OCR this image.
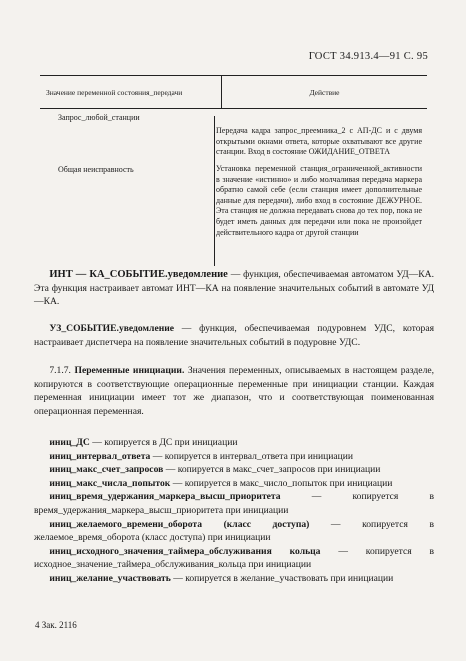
ГОСТ 34.913.4—91 С. 95
Значение переменной состояния_передачи	Действие
Запрос_любой_станции
Передача кадра запрос_преемника_2 с АП-ДС и с двумя открытыми окнами ответа, которые охватывают все другие станции. Вход в состояние ОЖИДАНИЕ_ОТВЕТА
Общая неисправность	Установка переменной станция_ограниченной_активности в значение «истинно» и либо молчаливая передача маркера обратно самой себе (если станция имеет дополнительные данные для передачи), либо вход в состояние ДЕЖУРНОЕ. Эта станция не должна передавать снова до тех пор, пока не будет иметь данных для передачи или пока не произойдет действительного кадра от другой станции

ИНТ — КА_СОБЫТИЕ.уведомление — функция, обеспечиваемая автоматом УД—КА. Эта функция настраивает автомат ИНТ—КА на появление значительных событий в автомате УД—КА.

УЗ_СОБЫТИЕ.уведомление — функция, обеспечиваемая подуровнем УДС, которая настраивает диспетчера на появление значительных событий в подуровне УДС.

7.1.7. Переменные инициации. Значения переменных, описываемых в настоящем разделе, копируются в соответствующие операционные переменные при инициации станции. Каждая переменная инициации имеет тот же диапазон, что и соответствующая поименованная операционная переменная.

иниц_ДС — копируется в ДС при инициации

иниц_интервал_ответа — копируется в интервал_ответа при инициации

иниц_макс_счет_запросов — копируется в макс_счет_запросов при инициации

иниц_макс_числа_попыток — копируется в макс_число_попыток при инициации

иниц_время_удержания_маркера_высш_приоритета — копируется в время_удержания_маркера_высш_приоритета при инициации

иниц_желаемого_времени_оборота (класс доступа) — копируется в желаемое_время_оборота (класс доступа) при инициации

иниц_исходного_значения_таймера_обслуживания кольца — копируется в исходное_значение_таймера_обслуживания_кольца при инициации

иниц_желание_участвовать — копируется в желание_участвовать при инициации

4 Зак. 2116
